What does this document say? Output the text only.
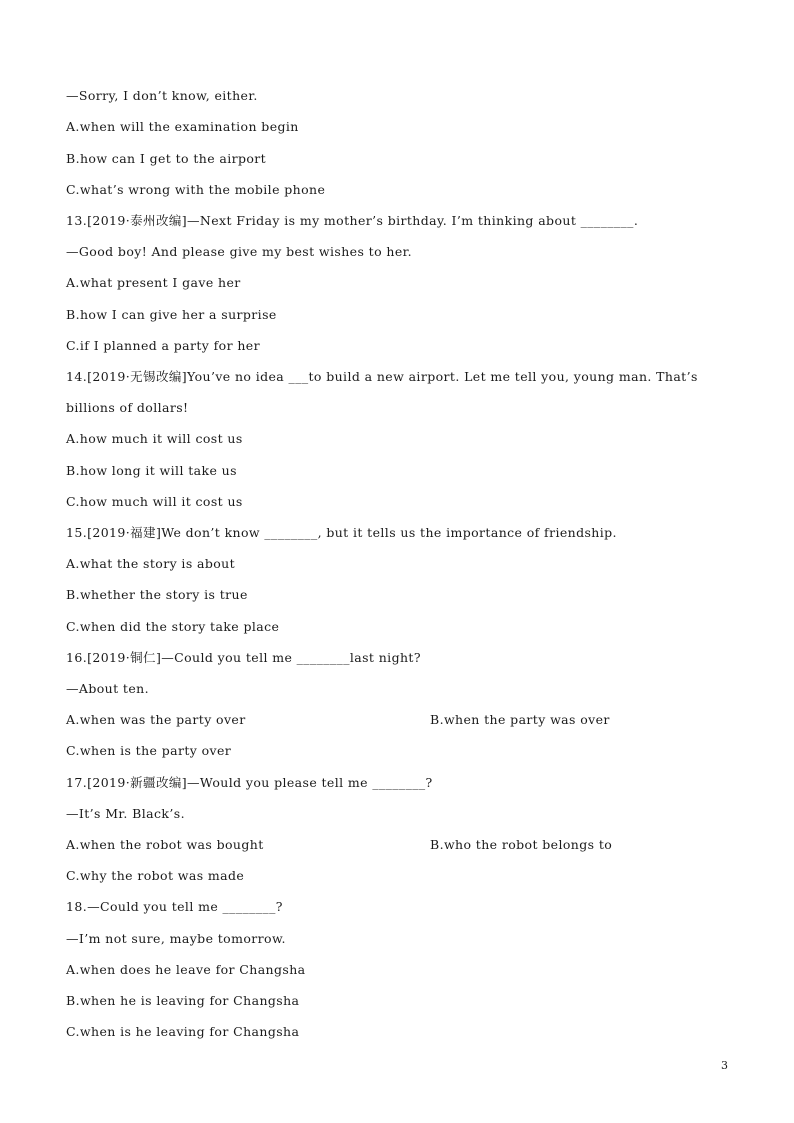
—Sorry, I don’t know, either.
A.when will the examination begin
B.how can I get to the airport
C.what’s wrong with the mobile phone
13.[2019·泰州改编]—Next Friday is my mother’s birthday. I’m thinking about ________.
—Good boy! And please give my best wishes to her.
A.what present I gave her
B.how I can give her a surprise
C.if I planned a party for her
14.[2019·无锡改编]You’ve no idea ___to build a new airport. Let me tell you, young man. That’s
billions of dollars!
A.how much it will cost us
B.how long it will take us
C.how much will it cost us
15.[2019·福建]We don’t know ________, but it tells us the importance of friendship.
A.what the story is about
B.whether the story is true
C.when did the story take place
16.[2019·铜仁]—Could you tell me ________last night?
—About ten.
A.when was the party over	B.when the party was over
C.when is the party over
17.[2019·新疆改编]—Would you please tell me ________?
—It’s Mr. Black’s.
A.when the robot was bought	B.who the robot belongs to
C.why the robot was made
18.—Could you tell me ________?
—I’m not sure, maybe tomorrow.
A.when does he leave for Changsha
B.when he is leaving for Changsha
C.when is he leaving for Changsha
3
